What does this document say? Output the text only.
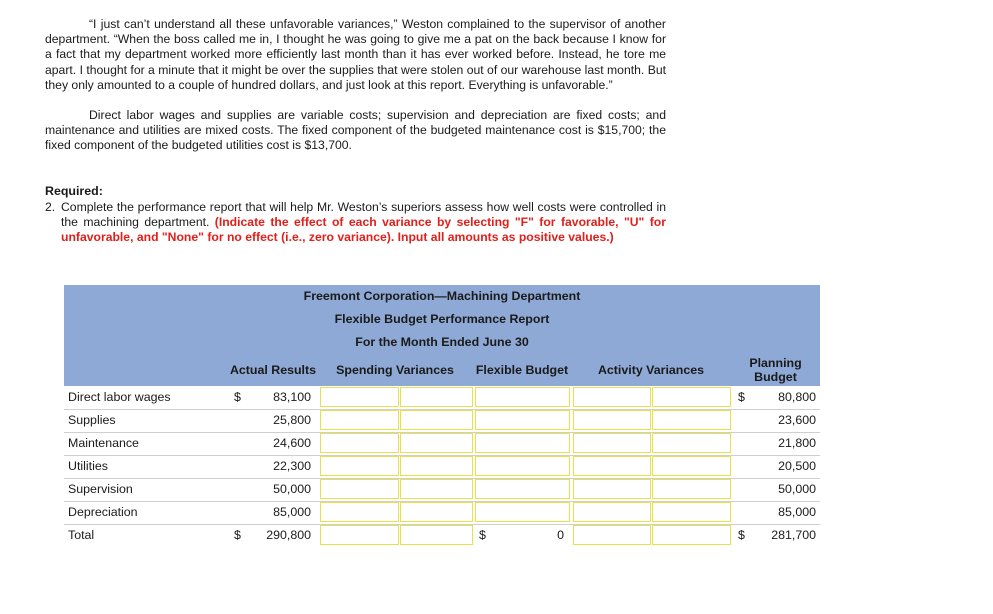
“I just can’t understand all these unfavorable variances,” Weston complained to the supervisor of another department. “When the boss called me in, I thought he was going to give me a pat on the back because I know for a fact that my department worked more efficiently last month than it has ever worked before. Instead, he tore me apart. I thought for a minute that it might be over the supplies that were stolen out of our warehouse last month. But they only amounted to a couple of hundred dollars, and just look at this report. Everything is unfavorable.”

Direct labor wages and supplies are variable costs; supervision and depreciation are fixed costs; and maintenance and utilities are mixed costs. The fixed component of the budgeted maintenance cost is $15,700; the fixed component of the budgeted utilities cost is $13,700.

Required:

2. Complete the performance report that will help Mr. Weston’s superiors assess how well costs were controlled in the machining department. (Indicate the effect of each variance by selecting "F" for favorable, "U" for unfavorable, and "None" for no effect (i.e., zero variance). Input all amounts as positive values.)
Freemont Corporation—Machining Department
Flexible Budget Performance Report
For the Month Ended June 30
Actual Results Spending Variances Flexible Budget Activity Variances
Planning Budget
Direct labor wages	$	83,100	$	80,800
Supplies	25,800	23,600
Maintenance	24,600	21,800
Utilities	22,300	20,500
Supervision	50,000	50,000
Depreciation	85,000	85,000
Total	$	290,800	$	0	$	281,700
